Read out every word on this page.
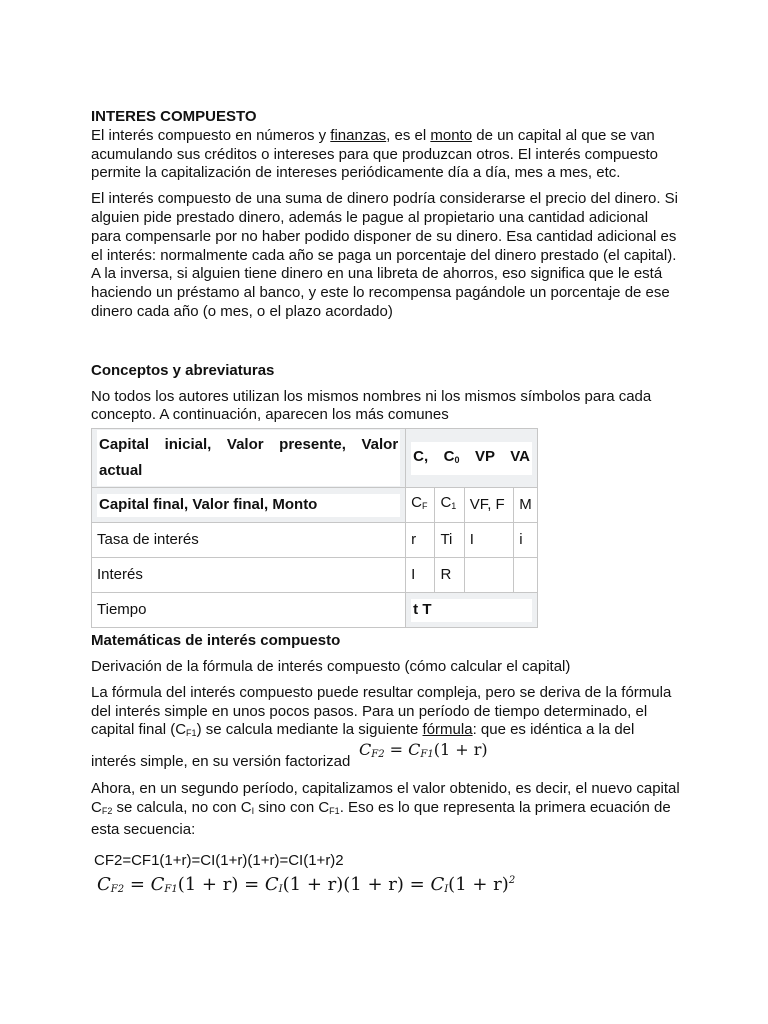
INTERES COMPUESTO

El interés compuesto en números y finanzas, es el monto de un capital al que se van acumulando sus créditos o intereses para que produzcan otros. El interés compuesto permite la capitalización de intereses periódicamente día a día, mes a mes, etc.

El interés compuesto de una suma de dinero podría considerarse el precio del dinero. Si alguien pide prestado dinero, además le pague al propietario una cantidad adicional para compensarle por no haber podido disponer de su dinero. Esa cantidad adicional es el interés: normalmente cada año se paga un porcentaje del dinero prestado (el capital). A la inversa, si alguien tiene dinero en una libreta de ahorros, eso significa que le está haciendo un préstamo al banco, y este lo recompensa pagándole un porcentaje de ese dinero cada año (o mes, o el plazo acordado)

Conceptos y abreviaturas

No todos los autores utilizan los mismos nombres ni los mismos símbolos para cada concepto. A continuación, aparecen los más comunes

Capital inicial, Valor presente, Valor actual	C, $C_0$ VP VA			

Capital final, Valor final, Monto	$C_F$	$C_1$	VF, F	M
Tasa de interés	r	Ti	I	i
Interés	I	R		
Tiempo	t T			
Matemáticas de interés compuesto

Derivación de la fórmula de interés compuesto (cómo calcular el capital)

La fórmula del interés compuesto puede resultar compleja, pero se deriva de la fórmula del interés simple en unos pocos pasos. Para un período de tiempo determinado, el capital final $(C_{F1})$ se calcula mediante la siguiente fórmula: que es idéntica a la del

interés simple, en su versión factorizad
$C_{F2} = C_{F1}(1 + r)$

Ahora, en un segundo período, capitalizamos el valor obtenido, es decir, el nuevo capital $C_{F2}$ se calcula, no con $C_I$ sino con $C_{F1}$. Eso es lo que representa la primera ecuación de esta secuencia:

CF2=CF1(1+r)=CI(1+r)(1+r)=CI(1+r)2

$C_{F2} = C_{F1}(1 + r) = C_I(1 + r)(1 + r) = C_I(1 + r)^2$
